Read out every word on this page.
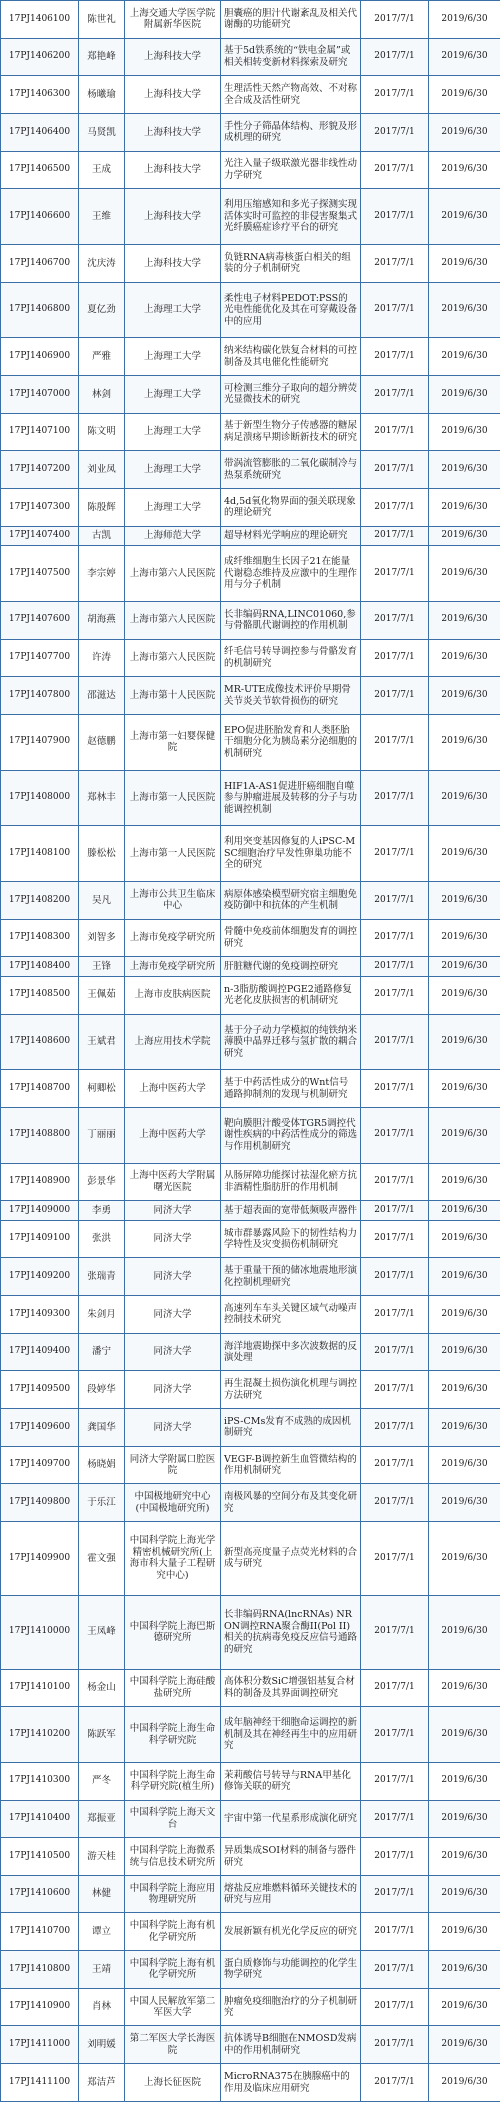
17PJ1406100	陈世礼	上海交通大学医学院附属新华医院	胆囊癌的胆汁代谢紊乱及相关代谢酶的功能研究	2017/7/1	2019/6/30
17PJ1406200	郑艳峰	上海科技大学	基于5d铁系统的“铁电金属”或相关相转变新材料探索及研究	2017/7/1	2019/6/30
17PJ1406300	杨曦瑜	上海科技大学	生理活性天然产物高效、不对称全合成及活性研究	2017/7/1	2019/6/30
17PJ1406400	马贤凯	上海科技大学	手性分子筛晶体结构、形貌及形成机理的研究	2017/7/1	2019/6/30
17PJ1406500	王成	上海科技大学	光注入量子级联激光器非线性动力学研究	2017/7/1	2019/6/30
17PJ1406600	王维	上海科技大学	利用压缩感知和多光子探测实现活体实时可监控的非侵害聚集式光纤膜癌症诊疗平台的研究	2017/7/1	2019/6/30
17PJ1406700	沈庆涛	上海科技大学	负链RNA病毒核蛋白相关的组装的分子机制研究	2017/7/1	2019/6/30
17PJ1406800	夏亿劲	上海理工大学	柔性电子材料PEDOT:PSS的光电性能优化及其在可穿戴设备中的应用	2017/7/1	2019/6/30
17PJ1406900	严雅	上海理工大学	纳米结构碳化铁复合材料的可控制备及其电催化性能研究	2017/7/1	2019/6/30
17PJ1407000	林剑	上海理工大学	可检测三维分子取向的超分辨荧光显微技术的研究	2017/7/1	2019/6/30
17PJ1407100	陈文明	上海理工大学	基于新型生物分子传感器的糖尿病足溃疡早期诊断新技术的研究	2017/7/1	2019/6/30
17PJ1407200	刘业凤	上海理工大学	带涡流管膨胀的二氧化碳制冷与热泵系统研究	2017/7/1	2019/6/30
17PJ1407300	陈殷辉	上海理工大学	4d,5d氧化物界面的强关联现象的理论研究	2017/7/1	2019/6/30
17PJ1407400	古凯	上海师范大学	超导材料光学响应的理论研究	2017/7/1	2019/6/30
17PJ1407500	李宗婷	上海市第六人民医院	成纤维细胞生长因子21在能量代谢稳态维持及应激中的生理作用与分子机制	2017/7/1	2019/6/30
17PJ1407600	胡海燕	上海市第六人民医院	长非编码RNA,LINC01060,参与骨骼肌代谢调控的作用机制	2017/7/1	2019/6/30
17PJ1407700	许涛	上海市第六人民医院	纤毛信号转导调控参与骨骼发育的机制研究	2017/7/1	2019/6/30
17PJ1407800	邵滋达	上海市第十人民医院	MR-UTE成像技术评价早期骨关节炎关节软骨损伤的研究	2017/7/1	2019/6/30
17PJ1407900	赵德鹏	上海市第一妇婴保健院	EPO促进胚胎发育和人类胚胎干细胞分化为胰岛素分泌细胞的机制研究	2017/7/1	2019/6/30
17PJ1408000	郑林丰	上海市第一人民医院	HIF1A-AS1促进肝癌细胞自噬参与肿瘤进展及转移的分子与功能调控机制	2017/7/1	2019/6/30
17PJ1408100	滕松松	上海市第一人民医院	利用突变基因修复的人iPSC-MSC细胞治疗早发性卵巢功能不全的研究	2017/7/1	2019/6/30
17PJ1408200	吴凡	上海市公共卫生临床中心	病原体感染模型研究宿主细胞免疫防御中和抗体的产生机制	2017/7/1	2019/6/30
17PJ1408300	刘智多	上海市免疫学研究所	骨髓中免疫前体细胞发育的调控研究	2017/7/1	2019/6/30
17PJ1408400	王锋	上海市免疫学研究所	肝脏糖代谢的免疫调控研究	2017/7/1	2019/6/30
17PJ1408500	王佩茹	上海市皮肤病医院	n-3脂肪酸调控PGE2通路修复光老化皮肤损害的机制研究	2017/7/1	2019/6/30
17PJ1408600	王斌君	上海应用技术学院	基于分子动力学模拟的纯铁纳米薄膜中晶界迁移与氢扩散的耦合研究	2017/7/1	2019/6/30
17PJ1408700	柯卿松	上海中医药大学	基于中药活性成分的Wnt信号通路抑制剂的发现与机制研究	2017/7/1	2019/6/30
17PJ1408800	丁丽丽	上海中医药大学	靶向膜胆汁酸受体TGR5调控代谢性疾病的中药活性成分的筛选与作用机制研究	2017/7/1	2019/6/30
17PJ1408900	彭景华	上海中医药大学附属曙光医院	从肠屏障功能探讨祛湿化瘀方抗非酒精性脂肪肝的作用机制	2017/7/1	2019/6/30
17PJ1409000	李勇	同济大学	基于超表面的宽带低频吸声器件	2017/7/1	2019/6/30
17PJ1409100	张洪	同济大学	城市群暴露风险下的韧性结构力学特性及灾变损伤机制研究	2017/7/1	2019/6/30
17PJ1409200	张瑞青	同济大学	基于重量干预的储冰地震地形演化控制机理研究	2017/7/1	2019/6/30
17PJ1409300	朱剑月	同济大学	高速列车车头关键区域气动噪声控制技术研究	2017/7/1	2019/6/30
17PJ1409400	潘宁	同济大学	海洋地震勘探中多次波数据的反演处理	2017/7/1	2019/6/30
17PJ1409500	段婷华	同济大学	再生混凝土损伤演化机理与调控方法研究	2017/7/1	2019/6/30
17PJ1409600	龚国华	同济大学	iPS-CMs发育不成熟的成因机制研究	2017/7/1	2019/6/30
17PJ1409700	杨晓娟	同济大学附属口腔医院	VEGF-B调控新生血管微结构的作用机制研究	2017/7/1	2019/6/30
17PJ1409800	于乐江	中国极地研究中心(中国极地研究所)	南极风暴的空间分布及其变化研究	2017/7/1	2019/6/30
17PJ1409900	霍文强	中国科学院上海光学精密机械研究所(上海市科大量子工程研究中心)	新型高亮度量子点荧光材料的合成与研究	2017/7/1	2019/6/30
17PJ1410000	王凤峰	中国科学院上海巴斯德研究所	长非编码RNA(lncRNAs) NRON调控RNA聚合酶II(Pol II)相关的抗病毒免疫反应信号通路的研究	2017/7/1	2019/6/30
17PJ1410100	杨金山	中国科学院上海硅酸盐研究所	高体积分数SiC增强铝基复合材料的制备及其界面调控研究	2017/7/1	2019/6/30
17PJ1410200	陈跃军	中国科学院上海生命科学研究院	成年脑神经干细胞命运调控的新机制及其在神经再生中的应用研究	2017/7/1	2019/6/30
17PJ1410300	严冬	中国科学院上海生命科学研究院(植生所)	茉莉酸信号转导与RNA甲基化修饰关联的研究	2017/7/1	2019/6/30
17PJ1410400	郑振亚	中国科学院上海天文台	宇宙中第一代星系形成演化研究	2017/7/1	2019/6/30
17PJ1410500	游天桂	中国科学院上海微系统与信息技术研究所	异质集成SOI材料的制备与器件研究	2017/7/1	2019/6/30
17PJ1410600	林健	中国科学院上海应用物理研究所	熔盐反应堆燃料循环关键技术的研究与应用	2017/7/1	2019/6/30
17PJ1410700	谭立	中国科学院上海有机化学研究所	发展新颖有机光化学反应的研究	2017/7/1	2019/6/30
17PJ1410800	王靖	中国科学院上海有机化学研究所	蛋白质修饰与功能调控的化学生物学研究	2017/7/1	2019/6/30
17PJ1410900	肖林	中国人民解放军第二军医大学	肿瘤免疫细胞治疗的分子机制研究	2017/7/1	2019/6/30
17PJ1411000	刘明媛	第二军医大学长海医院	抗体诱导B细胞在NMOSD发病中的作用机制研究	2017/7/1	2019/6/30
17PJ1411100	郑洁芦	上海长征医院	MicroRNA375在胰腺癌中的作用及临床应用研究	2017/7/1	2019/6/30
